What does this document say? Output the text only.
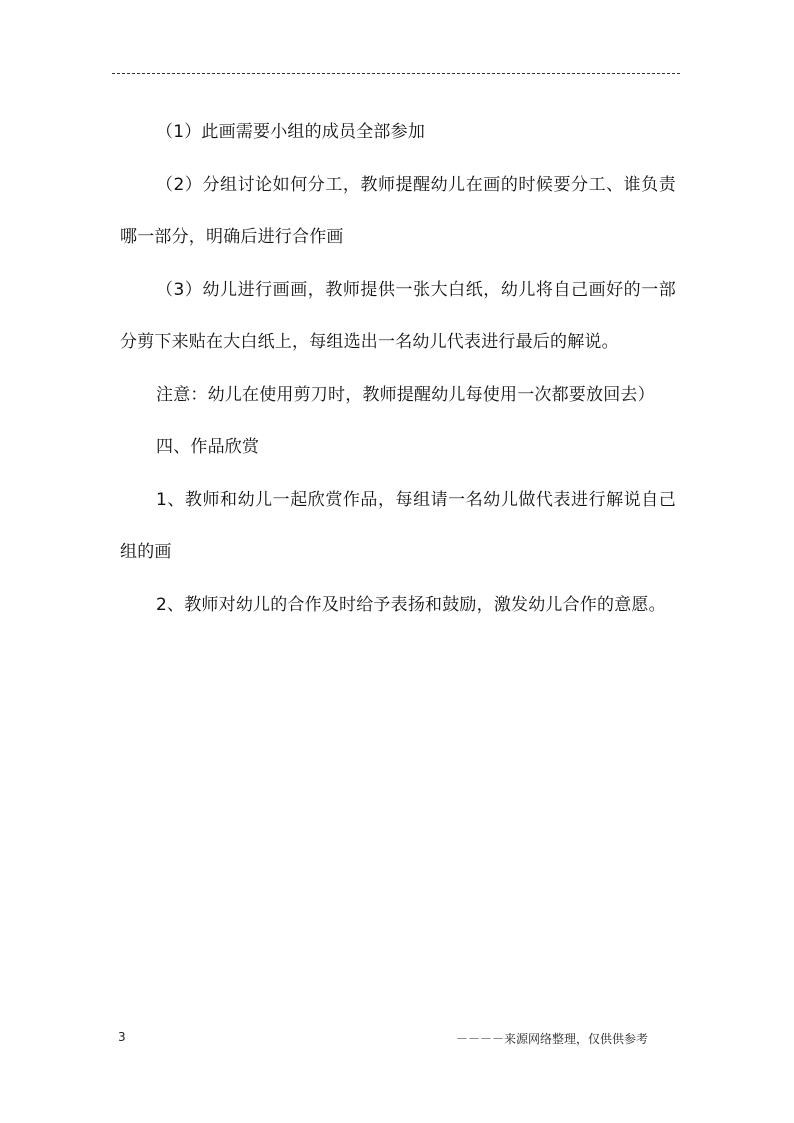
（1）此画需要小组的成员全部参加

（2）分组讨论如何分工，教师提醒幼儿在画的时候要分工、谁负责哪一部分，明确后进行合作画

（3）幼儿进行画画，教师提供一张大白纸，幼儿将自己画好的一部分剪下来贴在大白纸上，每组选出一名幼儿代表进行最后的解说。

注意：幼儿在使用剪刀时，教师提醒幼儿每使用一次都要放回去）

四、作品欣赏

1、教师和幼儿一起欣赏作品，每组请一名幼儿做代表进行解说自己组的画

2、教师对幼儿的合作及时给予表扬和鼓励，激发幼儿合作的意愿。

3	－－－－来源网络整理，仅供供参考
